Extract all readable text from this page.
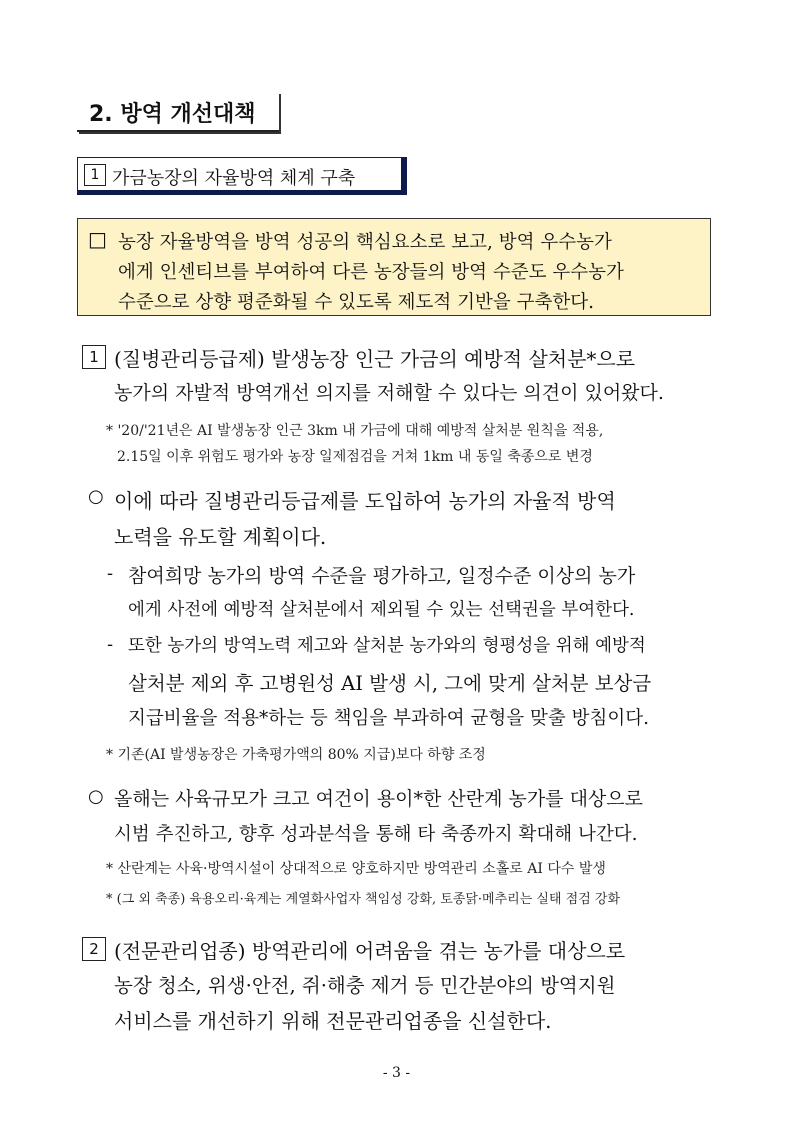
2. 방역 개선대책
1 가금농장의 자율방역 체계 구축
□ 농장 자율방역을 방역 성공의 핵심요소로 보고, 방역 우수농가
에게 인센티브를 부여하여 다른 농장들의 방역 수준도 우수농가
수준으로 상향 평준화될 수 있도록 제도적 기반을 구축한다.
1 (질병관리등급제) 발생농장 인근 가금의 예방적 살처분*으로
농가의 자발적 방역개선 의지를 저해할 수 있다는 의견이 있어왔다.
* '20/'21년은 AI 발생농장 인근 3km 내 가금에 대해 예방적 살처분 원칙을 적용,
2.15일 이후 위험도 평가와 농장 일제점검을 거쳐 1km 내 동일 축종으로 변경
○ 이에 따라 질병관리등급제를 도입하여 농가의 자율적 방역
노력을 유도할 계획이다.
- 참여희망 농가의 방역 수준을 평가하고, 일정수준 이상의 농가
에게 사전에 예방적 살처분에서 제외될 수 있는 선택권을 부여한다.
- 또한 농가의 방역노력 제고와 살처분 농가와의 형평성을 위해 예방적
살처분 제외 후 고병원성 AI 발생 시, 그에 맞게 살처분 보상금
지급비율을 적용*하는 등 책임을 부과하여 균형을 맞출 방침이다.
* 기존(AI 발생농장은 가축평가액의 80% 지급)보다 하향 조정
○ 올해는 사육규모가 크고 여건이 용이*한 산란계 농가를 대상으로
시범 추진하고, 향후 성과분석을 통해 타 축종까지 확대해 나간다.
* 산란계는 사육·방역시설이 상대적으로 양호하지만 방역관리 소홀로 AI 다수 발생
* (그 외 축종) 육용오리·육계는 계열화사업자 책임성 강화, 토종닭·메추리는 실태 점검 강화
2 (전문관리업종) 방역관리에 어려움을 겪는 농가를 대상으로
농장 청소, 위생·안전, 쥐·해충 제거 등 민간분야의 방역지원
서비스를 개선하기 위해 전문관리업종을 신설한다.
- 3 -
